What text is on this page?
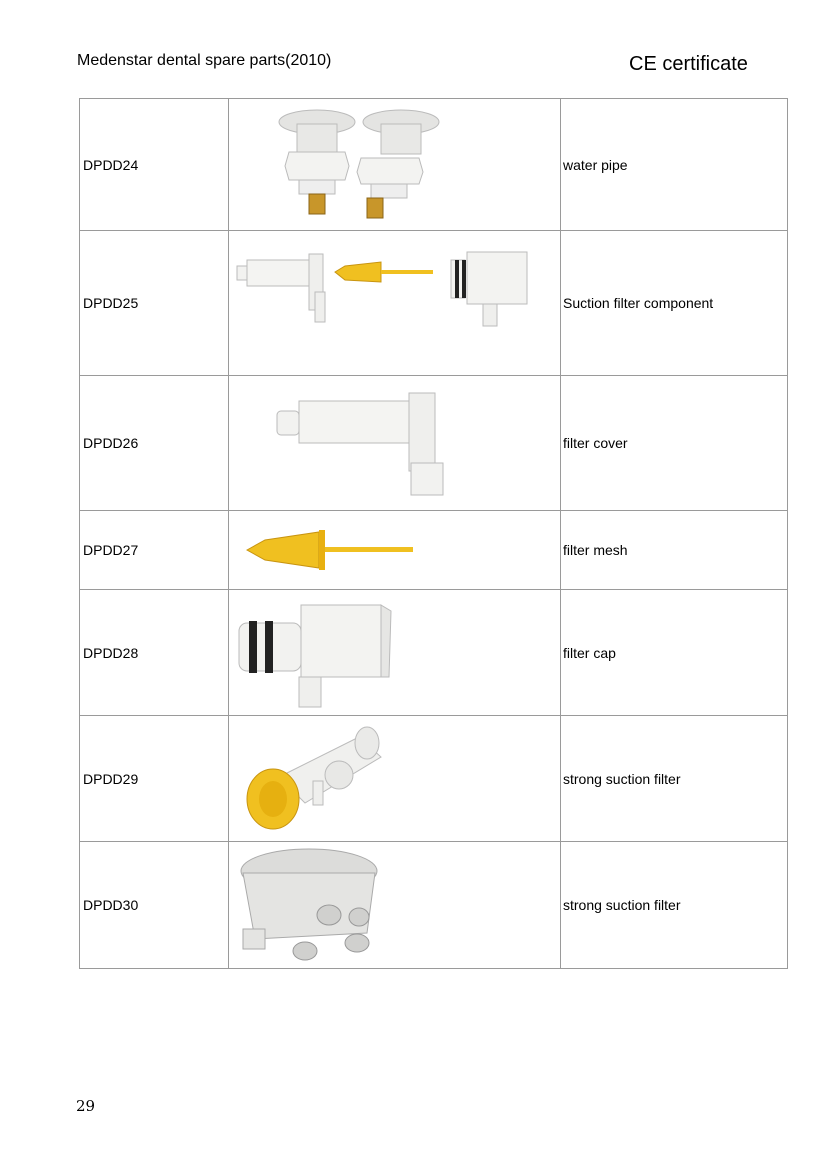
Medenstar dental spare parts(2010)	CE certificate
DPDD24		water pipe
DPDD25		Suction filter component
DPDD26		filter cover
DPDD27		filter mesh
DPDD28		filter cap
DPDD29		strong suction filter
DPDD30		strong suction filter
29
